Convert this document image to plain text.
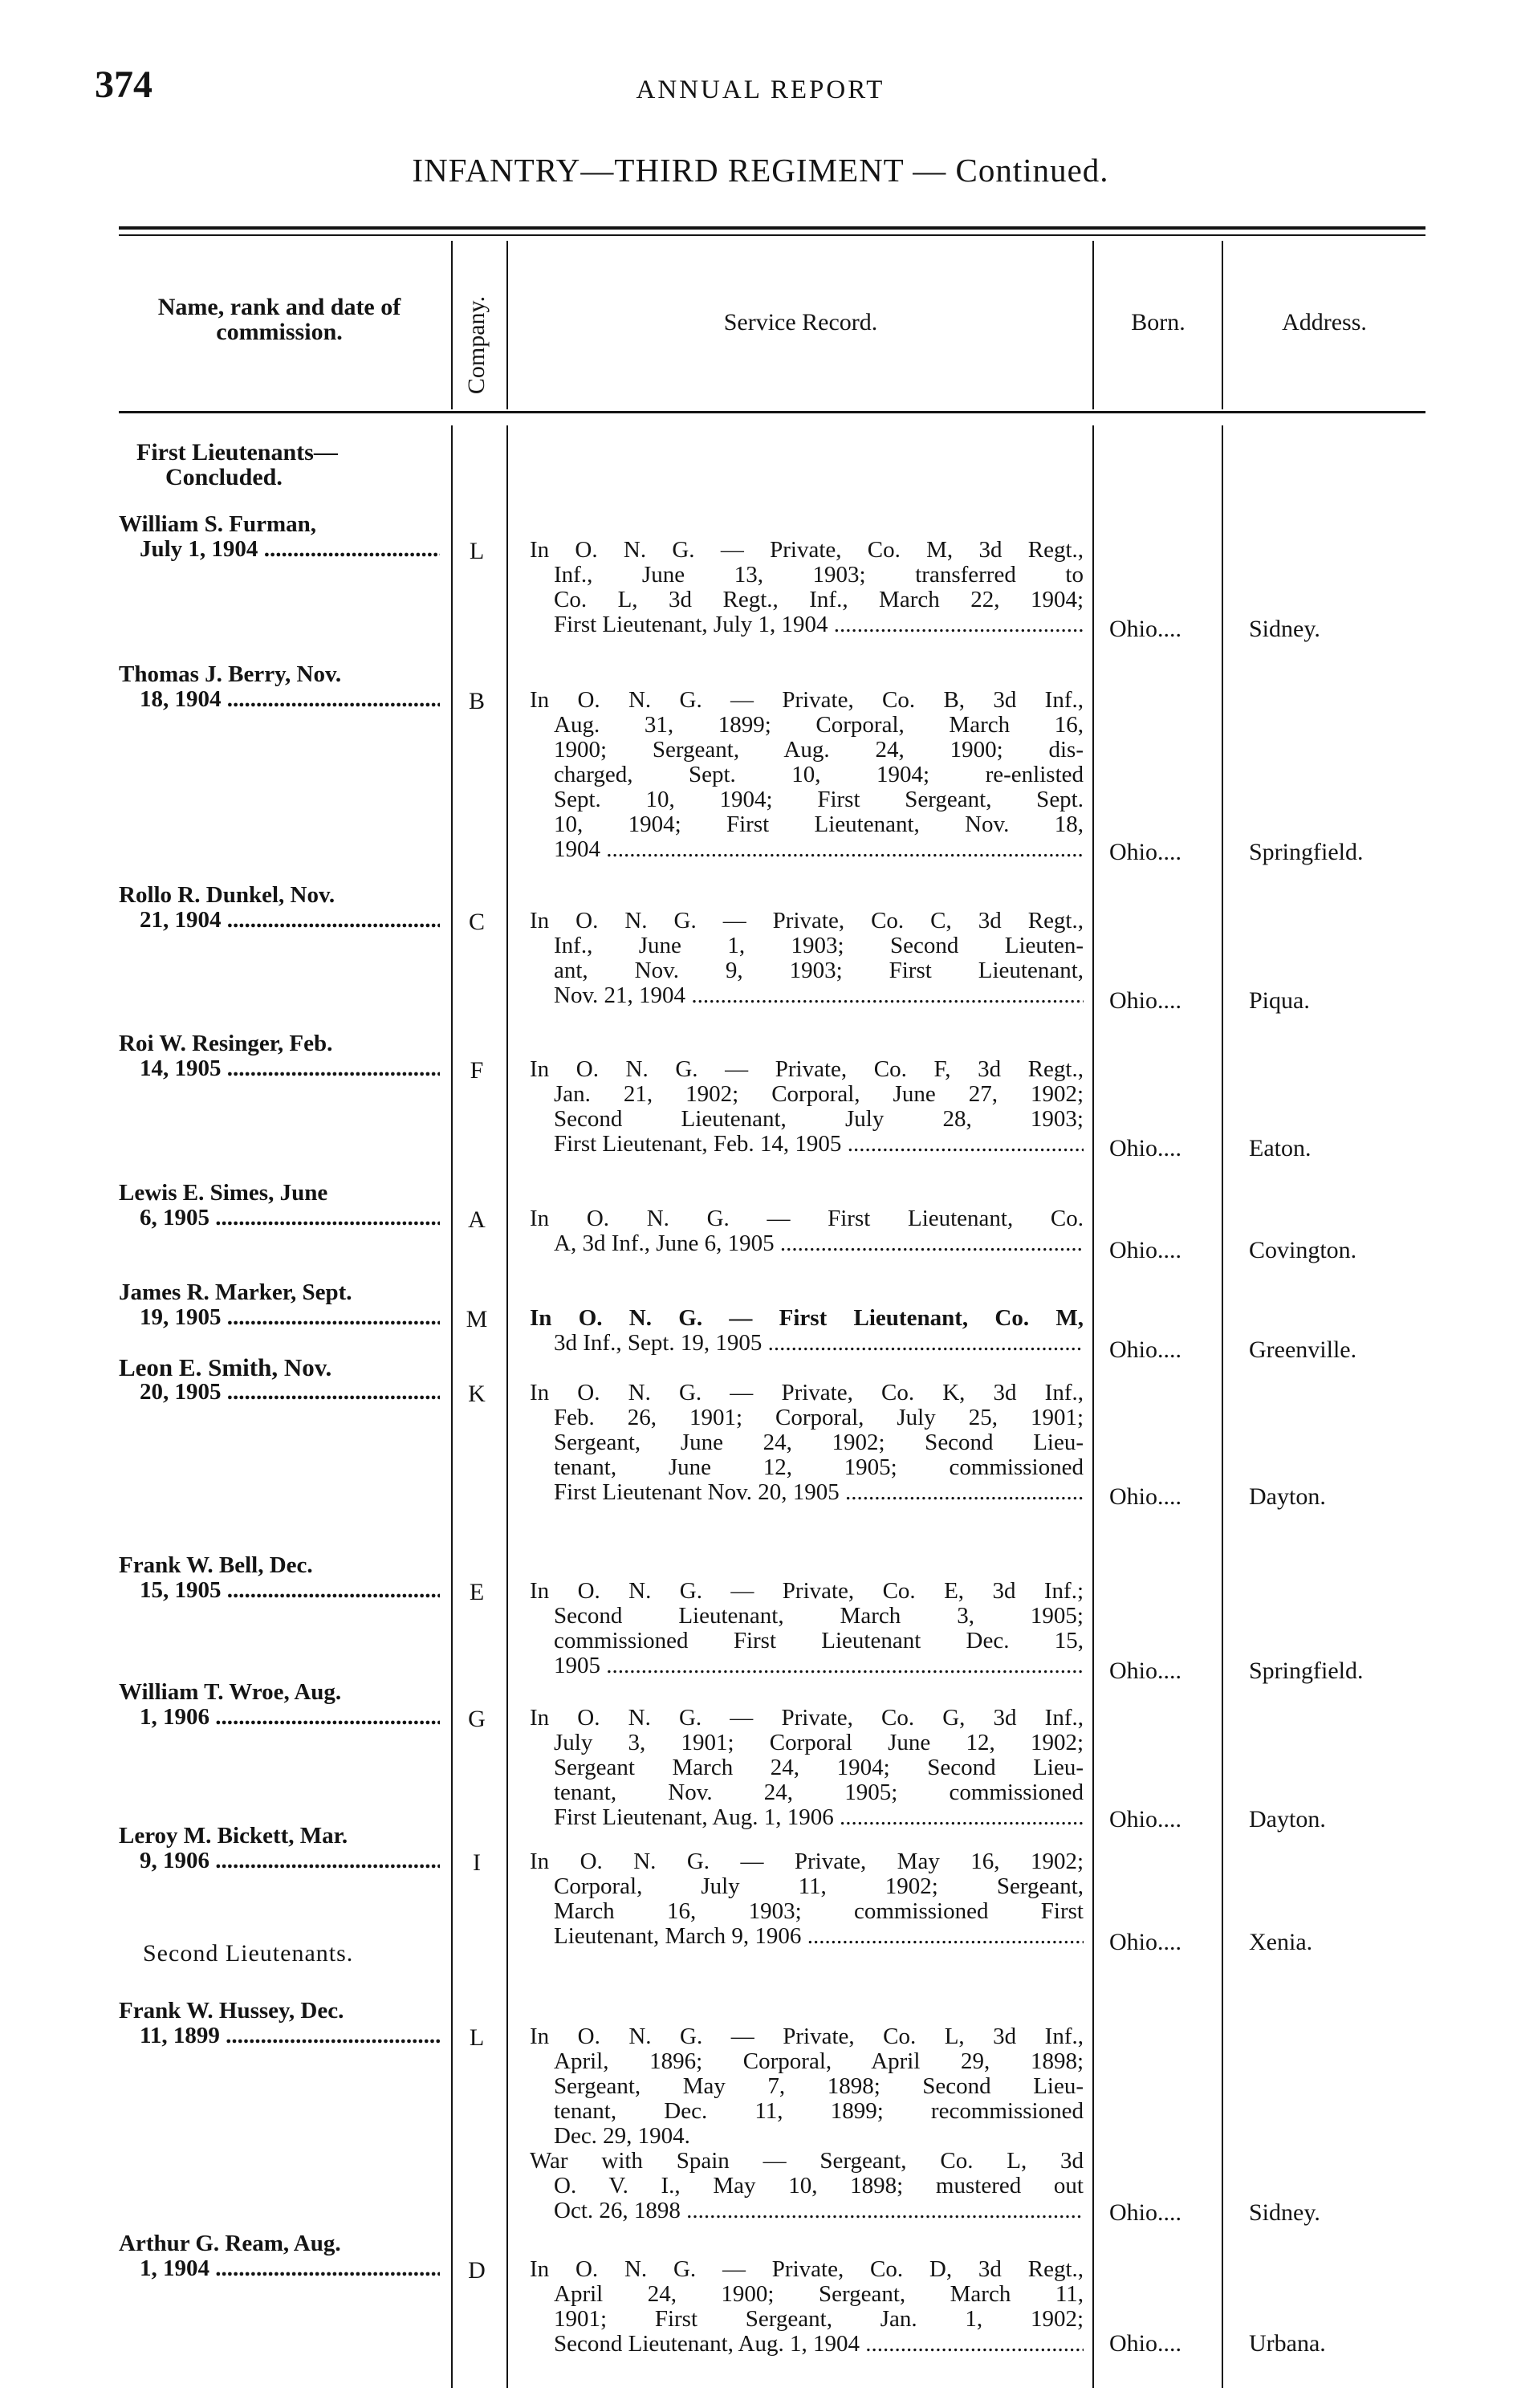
374	ANNUAL REPORT
INFANTRY—THIRD REGIMENT — Continued.
Name, rank and date of
commission.	Company.	Service Record.	Born.	Address.
First Lieutenants—
Concluded.
Second Lieutenants.
William S. Furman,
July 1, 1904 .....	L	In O. N. G. — Private, Co. M, 3d Regt.,
Inf., June 13, 1903; transferred to
Co. L, 3d Regt., Inf., March 22, 1904;
First Lieutenant, July 1, 1904 .....	Ohio....	Sidney.
Thomas J. Berry, Nov.
18, 1904 .....	B	In O. N. G. — Private, Co. B, 3d Inf.,
Aug. 31, 1899; Corporal, March 16,
1900; Sergeant, Aug. 24, 1900; dis-
charged, Sept. 10, 1904; re-enlisted
Sept. 10, 1904; First Sergeant, Sept.
10, 1904; First Lieutenant, Nov. 18,
1904 .....	Ohio....	Springfield.
Rollo R. Dunkel, Nov.
21, 1904 .....	C	In O. N. G. — Private, Co. C, 3d Regt.,
Inf., June 1, 1903; Second Lieuten-
ant, Nov. 9, 1903; First Lieutenant,
Nov. 21, 1904 .....	Ohio....	Piqua.
Roi W. Resinger, Feb.
14, 1905 .....	F	In O. N. G. — Private, Co. F, 3d Regt.,
Jan. 21, 1902; Corporal, June 27, 1902;
Second Lieutenant, July 28, 1903;
First Lieutenant, Feb. 14, 1905 .....	Ohio....	Eaton.
Lewis E. Simes, June
6, 1905 .....	A	In O. N. G. — First Lieutenant, Co.
A, 3d Inf., June 6, 1905 .....	Ohio....	Covington.
James R. Marker, Sept.
19, 1905 .....	M	In O. N. G. — First Lieutenant, Co. M,
3d Inf., Sept. 19, 1905 .....	Ohio....	Greenville.
Leon E. Smith, Nov.
20, 1905 .....	K	In O. N. G. — Private, Co. K, 3d Inf.,
Feb. 26, 1901; Corporal, July 25, 1901;
Sergeant, June 24, 1902; Second Lieu-
tenant, June 12, 1905; commissioned
First Lieutenant Nov. 20, 1905 .....	Ohio....	Dayton.
Frank W. Bell, Dec.
15, 1905 .....	E	In O. N. G. — Private, Co. E, 3d Inf.;
Second Lieutenant, March 3, 1905;
commissioned First Lieutenant Dec. 15,
1905 .....	Ohio....	Springfield.
William T. Wroe, Aug.
1, 1906 .....	G	In O. N. G. — Private, Co. G, 3d Inf.,
July 3, 1901; Corporal June 12, 1902;
Sergeant March 24, 1904; Second Lieu-
tenant, Nov. 24, 1905; commissioned
First Lieutenant, Aug. 1, 1906 .....	Ohio....	Dayton.
Leroy M. Bickett, Mar.
9, 1906 .....	I	In O. N. G. — Private, May 16, 1902;
Corporal, July 11, 1902; Sergeant,
March 16, 1903; commissioned First
Lieutenant, March 9, 1906 .....	Ohio....	Xenia.
Frank W. Hussey, Dec.
11, 1899 .....	L	In O. N. G. — Private, Co. L, 3d Inf.,
April, 1896; Corporal, April 29, 1898;
Sergeant, May 7, 1898; Second Lieu-
tenant, Dec. 11, 1899; recommissioned
Dec. 29, 1904.
War with Spain — Sergeant, Co. L, 3d
O. V. I., May 10, 1898; mustered out
Oct. 26, 1898 .....	Ohio....	Sidney.
Arthur G. Ream, Aug.
1, 1904 .....	D	In O. N. G. — Private, Co. D, 3d Regt.,
April 24, 1900; Sergeant, March 11,
1901; First Sergeant, Jan. 1, 1902;
Second Lieutenant, Aug. 1, 1904 .....	Ohio....	Urbana.
